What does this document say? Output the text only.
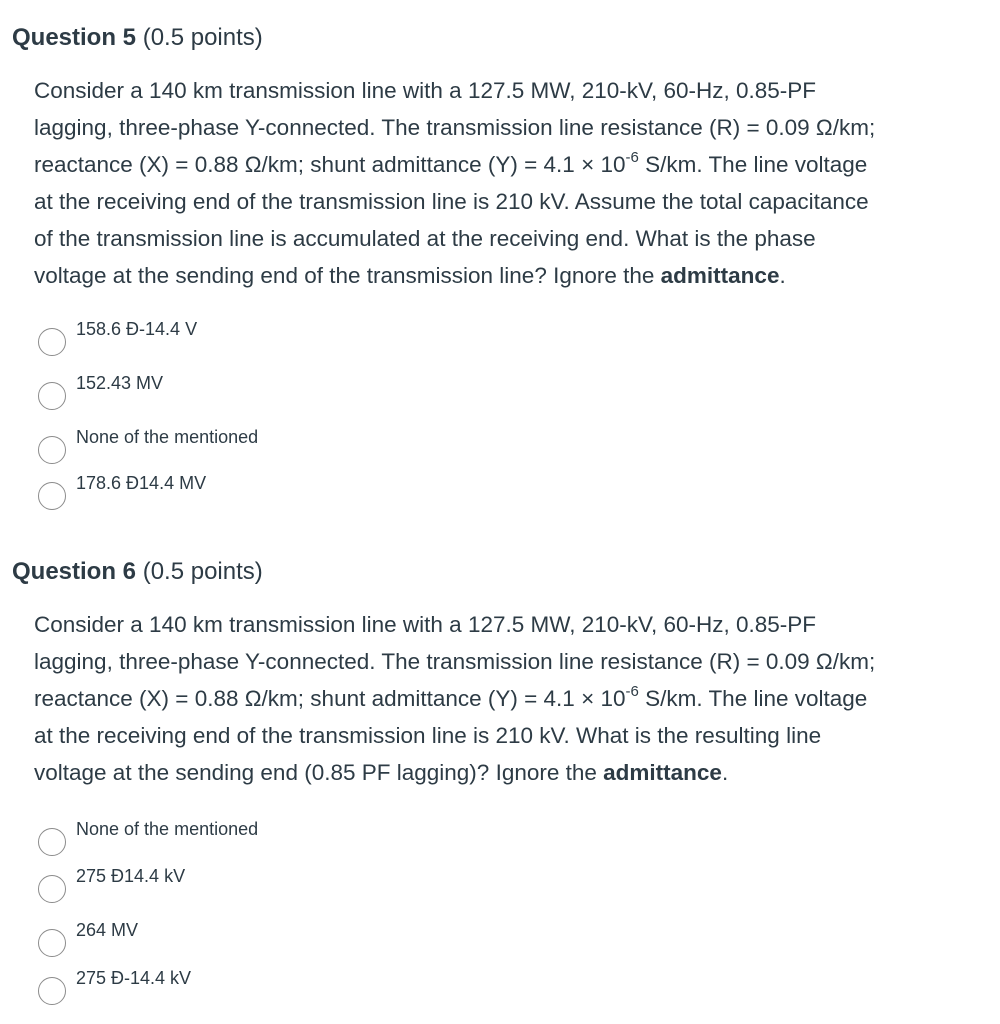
Question 5 (0.5 points)
Consider a 140 km transmission line with a 127.5 MW, 210-kV, 60-Hz, 0.85-PF
lagging, three-phase Y-connected. The transmission line resistance (R) = 0.09 Ω/km;
reactance (X) = 0.88 Ω/km; shunt admittance $(Y) = 4.1 \times 10^{-6}$ S/km. The line voltage
at the receiving end of the transmission line is 210 kV. Assume the total capacitance
of the transmission line is accumulated at the receiving end. What is the phase
voltage at the sending end of the transmission line? Ignore the admittance.
158.6 Đ-14.4 V
152.43 MV
None of the mentioned
178.6 Đ14.4 MV
Question 6 (0.5 points)
Consider a 140 km transmission line with a 127.5 MW, 210-kV, 60-Hz, 0.85-PF
lagging, three-phase Y-connected. The transmission line resistance (R) = 0.09 Ω/km;
reactance (X) = 0.88 Ω/km; shunt admittance $(Y) = 4.1 \times 10^{-6}$ S/km. The line voltage
at the receiving end of the transmission line is 210 kV. What is the resulting line
voltage at the sending end (0.85 PF lagging)? Ignore the admittance.
None of the mentioned
275 Đ14.4 kV
264 MV
275 Đ-14.4 kV
